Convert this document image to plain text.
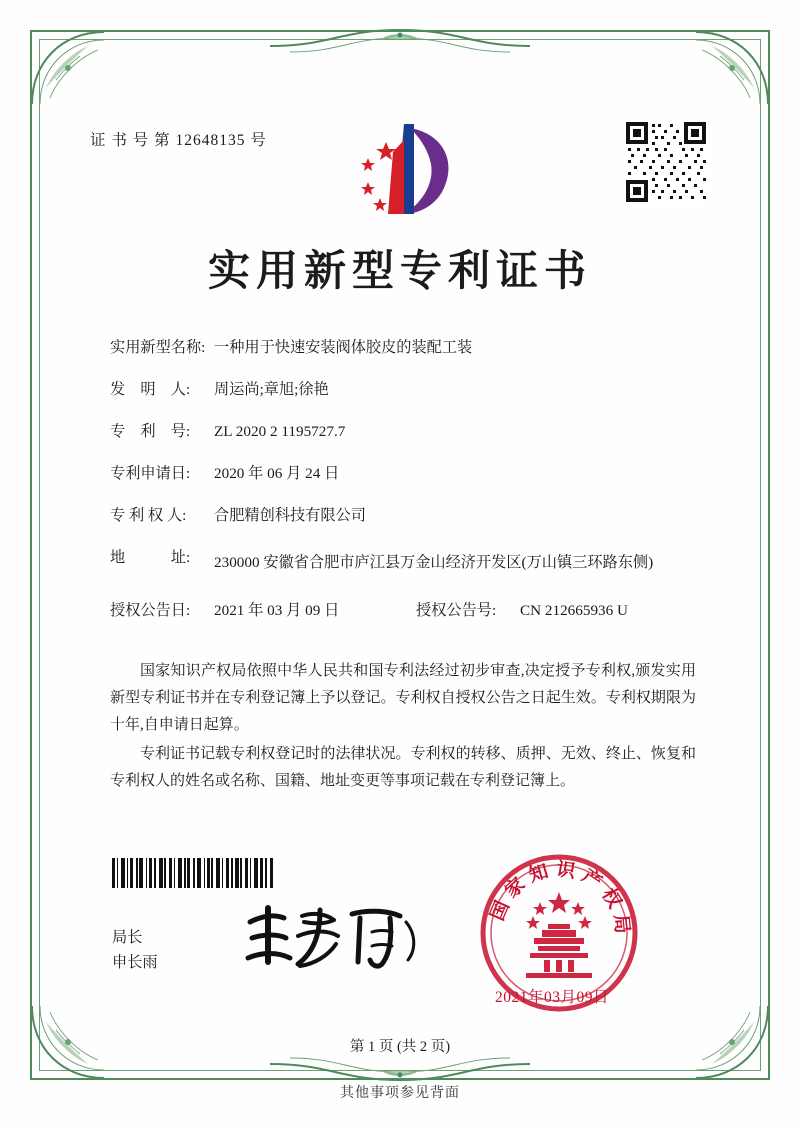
证 书 号 第 12648135 号
实用新型专利证书
实用新型名称: 一种用于快速安装阀体胶皮的装配工装
发　明　人:	周运尚;章旭;徐艳
专　利　号:	ZL 2020 2 1195727.7
专利申请日:	2020 年 06 月 24 日
专 利 权 人:	合肥精创科技有限公司
地　　　址:	230000 安徽省合肥市庐江县万金山经济开发区(万山镇三环路东侧)
授权公告日:	2021 年 03 月 09 日	授权公告号:	CN 212665936 U

国家知识产权局依照中华人民共和国专利法经过初步审查,决定授予专利权,颁发实用新型专利证书并在专利登记簿上予以登记。专利权自授权公告之日起生效。专利权期限为十年,自申请日起算。

专利证书记载专利权登记时的法律状况。专利权的转移、质押、无效、终止、恢复和专利权人的姓名或名称、国籍、地址变更等事项记载在专利登记簿上。

局长
申长雨
国家知识产权局
2021年03月09日
第 1 页 (共 2 页)
其他事项参见背面
